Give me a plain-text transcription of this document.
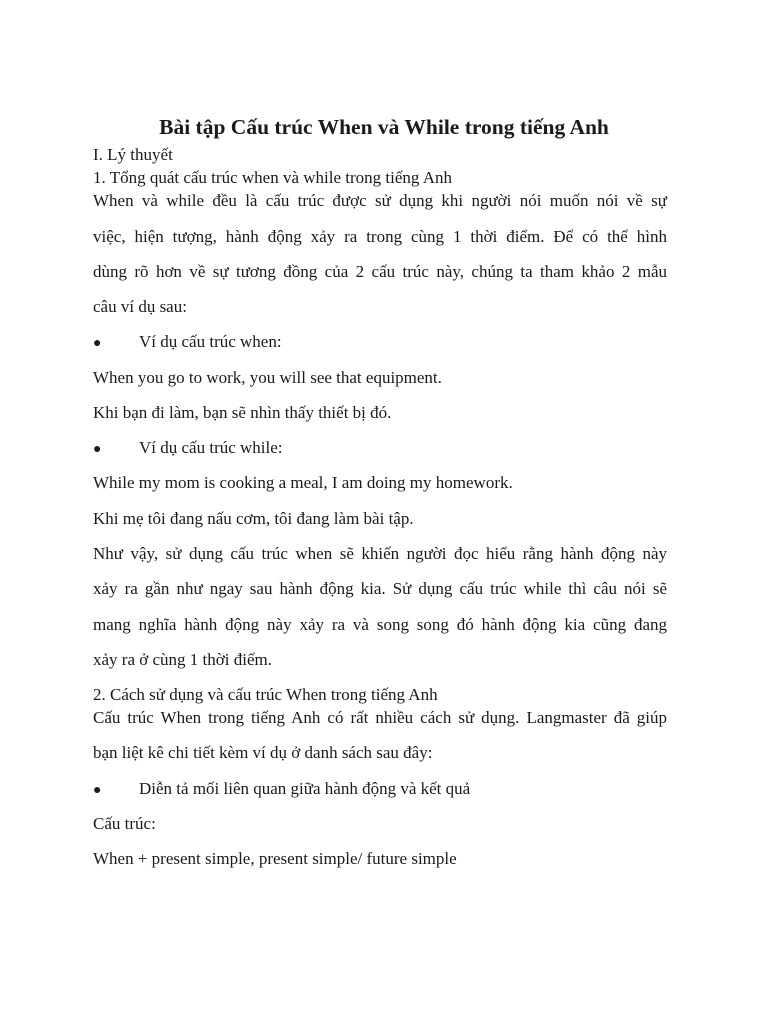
Bài tập Cấu trúc When và While trong tiếng Anh
I. Lý thuyết
1. Tổng quát cấu trúc when và while trong tiếng Anh
When và while đều là cấu trúc được sử dụng khi người nói muốn nói về sự
việc, hiện tượng, hành động xảy ra trong cùng 1 thời điểm. Để có thể hình
dùng rõ hơn về sự tương đồng của 2 cấu trúc này, chúng ta tham khảo 2 mẫu
câu ví dụ sau:
● Ví dụ cấu trúc when:
When you go to work, you will see that equipment.
Khi bạn đi làm, bạn sẽ nhìn thấy thiết bị đó.
● Ví dụ cấu trúc while:
While my mom is cooking a meal, I am doing my homework.
Khi mẹ tôi đang nấu cơm, tôi đang làm bài tập.
Như vậy, sử dụng cấu trúc when sẽ khiến người đọc hiểu rằng hành động này
xảy ra gần như ngay sau hành động kia. Sử dụng cấu trúc while thì câu nói sẽ
mang nghĩa hành động này xảy ra và song song đó hành động kia cũng đang
xảy ra ở cùng 1 thời điểm.
2. Cách sử dụng và cấu trúc When trong tiếng Anh
Cấu trúc When trong tiếng Anh có rất nhiều cách sử dụng. Langmaster đã giúp
bạn liệt kê chi tiết kèm ví dụ ở danh sách sau đây:
● Diễn tả mối liên quan giữa hành động và kết quả
Cấu trúc:
When + present simple, present simple/ future simple
